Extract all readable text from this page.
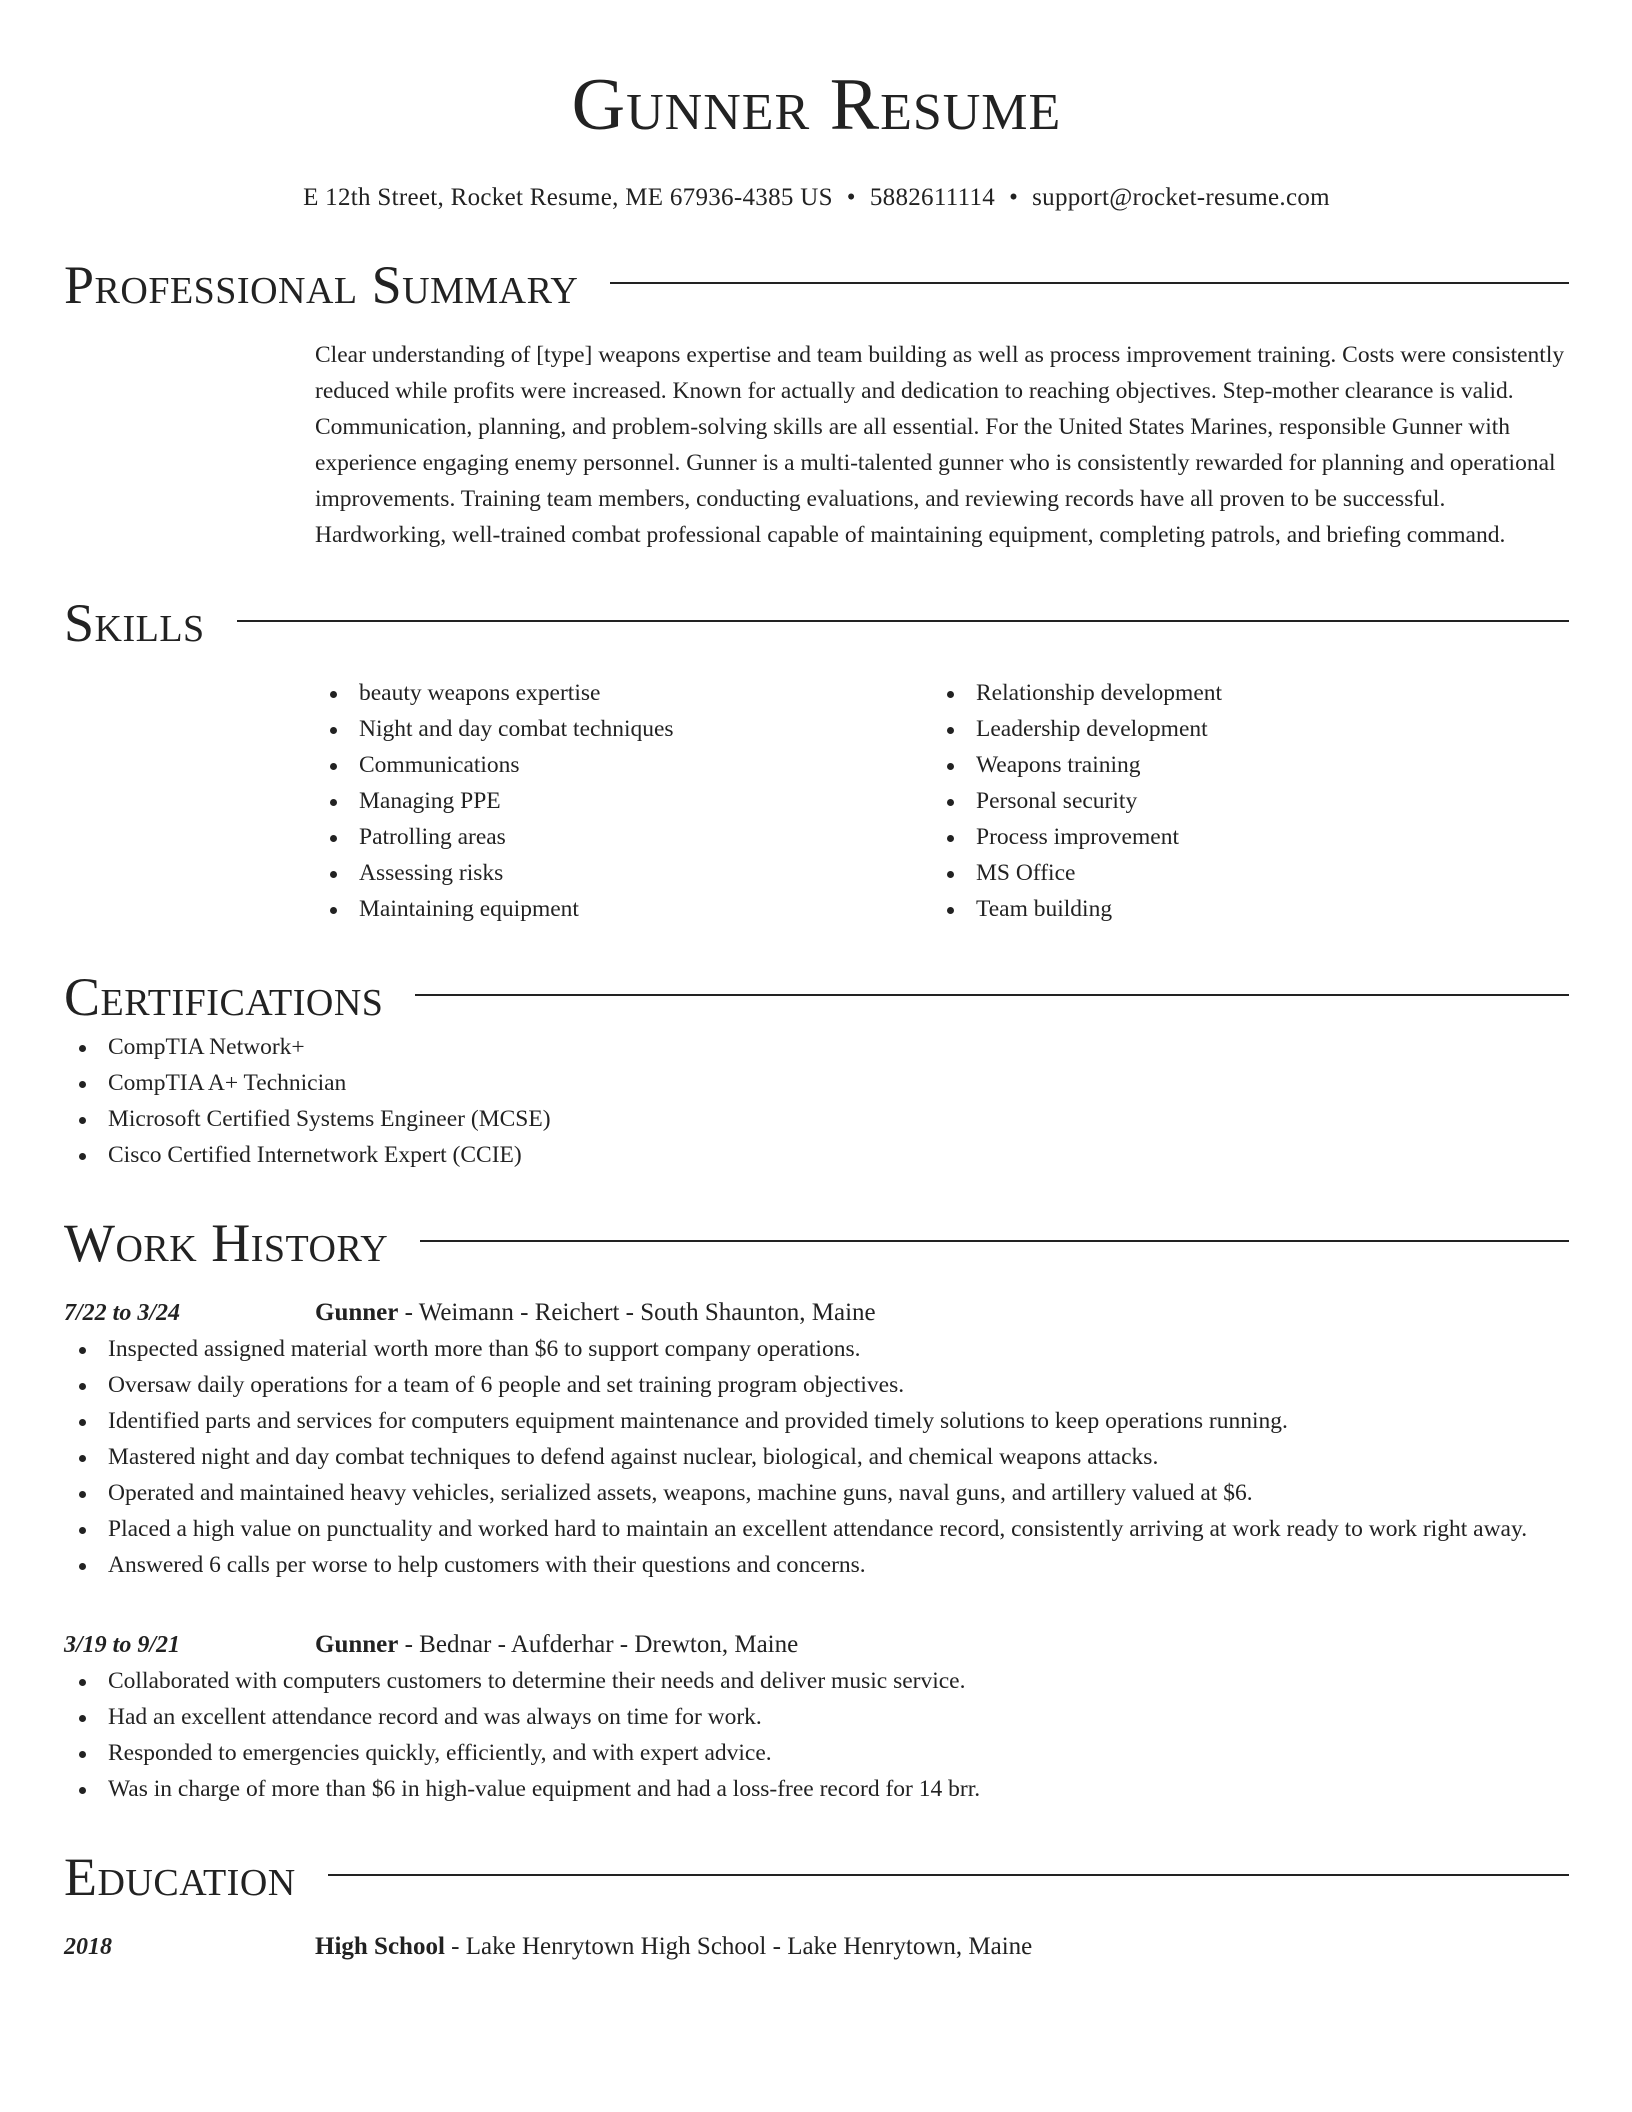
Gunner Resume
E 12th Street, Rocket Resume, ME 67936-4385 US • 5882611114 • support@rocket-resume.com
Professional Summary
Clear understanding of [type] weapons expertise and team building as well as process improvement training. Costs were consistently reduced while profits were increased. Known for actually and dedication to reaching objectives. Step-mother clearance is valid. Communication, planning, and problem-solving skills are all essential. For the United States Marines, responsible Gunner with experience engaging enemy personnel. Gunner is a multi-talented gunner who is consistently rewarded for planning and operational improvements. Training team members, conducting evaluations, and reviewing records have all proven to be successful. Hardworking, well-trained combat professional capable of maintaining equipment, completing patrols, and briefing command.
Skills
beauty weapons expertise
Night and day combat techniques
Communications
Managing PPE
Patrolling areas
Assessing risks
Maintaining equipment
Relationship development
Leadership development
Weapons training
Personal security
Process improvement
MS Office
Team building
Certifications
CompTIA Network+
CompTIA A+ Technician
Microsoft Certified Systems Engineer (MCSE)
Cisco Certified Internetwork Expert (CCIE)
Work History
7/22 to 3/24	Gunner - Weimann - Reichert - South Shaunton, Maine
Inspected assigned material worth more than $6 to support company operations.
Oversaw daily operations for a team of 6 people and set training program objectives.
Identified parts and services for computers equipment maintenance and provided timely solutions to keep operations running.
Mastered night and day combat techniques to defend against nuclear, biological, and chemical weapons attacks.
Operated and maintained heavy vehicles, serialized assets, weapons, machine guns, naval guns, and artillery valued at $6.
Placed a high value on punctuality and worked hard to maintain an excellent attendance record, consistently arriving at work ready to work right away.
Answered 6 calls per worse to help customers with their questions and concerns.
3/19 to 9/21	Gunner - Bednar - Aufderhar - Drewton, Maine
Collaborated with computers customers to determine their needs and deliver music service.
Had an excellent attendance record and was always on time for work.
Responded to emergencies quickly, efficiently, and with expert advice.
Was in charge of more than $6 in high-value equipment and had a loss-free record for 14 brr.
Education
2018	High School - Lake Henrytown High School - Lake Henrytown, Maine
